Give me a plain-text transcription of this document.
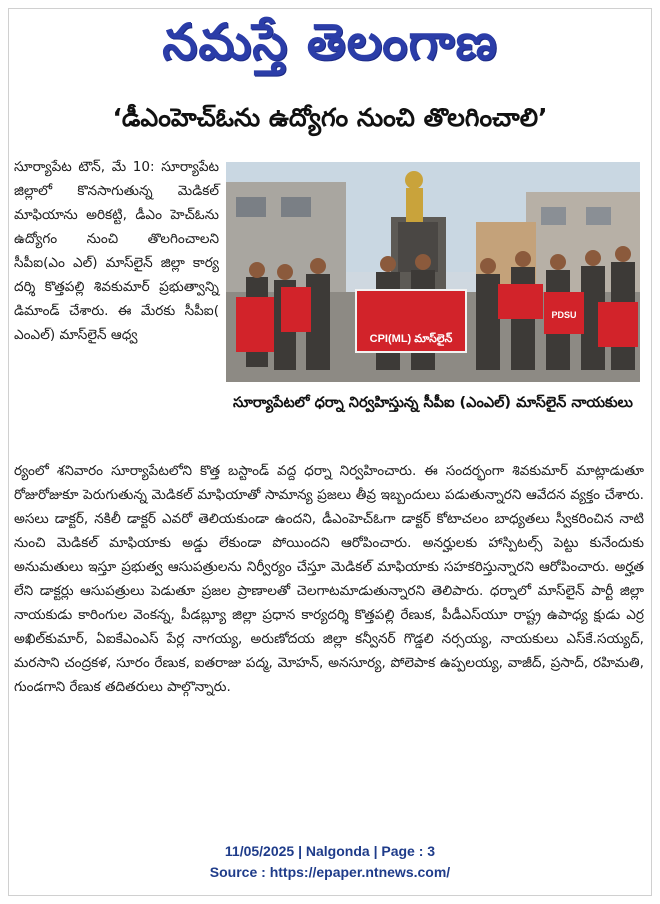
నమస్తే తెలంగాణ
‘డీఎంహెచ్‌ఓను ఉద్యోగం నుంచి తొలగించాలి’

సూర్యాపేట టౌన్, మే 10: సూర్యాపేట జిల్లాలో కొనసాగుతున్న మెడికల్ మాఫియాను అరికట్టి, డీఎం హెచ్‌ఓను ఉద్యోగం నుంచి తొలగించాలని సీపీఐ(ఎం ఎల్) మాస్‌లైన్ జిల్లా కార్య దర్శి కొత్తపల్లి శివకుమార్ ప్రభుత్వాన్ని డిమాండ్ చేశారు. ఈ మేరకు సీపీఐ( ఎంఎల్) మాస్‌లైన్ ఆధ్వ	CPI(ML) మాస్‌లైన్
PDSU
సూర్యాపేటలో ధర్నా నిర్వహిస్తున్న సీపీఐ (ఎంఎల్) మాస్‌లైన్ నాయకులు

ర్యంలో శనివారం సూర్యాపేటలోని కొత్త బస్టాండ్ వద్ద ధర్నా నిర్వహించారు. ఈ సందర్భంగా శివకుమార్ మాట్లాడుతూ రోజురోజుకూ పెరుగుతున్న మెడికల్ మాఫియాతో సామాన్య ప్రజలు తీవ్ర ఇబ్బందులు పడుతున్నారని ఆవేదన వ్యక్తం చేశారు. అసలు డాక్టర్, నకిలీ డాక్టర్ ఎవరో తెలియకుండా ఉందని, డీఎంహెచ్‌ఓగా డాక్టర్ కోటాచలం బాధ్యతలు స్వీకరించిన నాటి నుంచి మెడికల్ మాఫియాకు అడ్డు లేకుండా పోయిందని ఆరోపించారు. అనర్హులకు హాస్పిటల్స్ పెట్టు కునేందుకు అనుమతులు ఇస్తూ ప్రభుత్వ ఆసుపత్రులను నిర్వీర్యం చేస్తూ మెడికల్ మాఫియాకు సహకరిస్తున్నారని ఆరోపించారు. అర్హత లేని డాక్టర్లు ఆసుపత్రులు పెడుతూ ప్రజల ప్రాణాలతో చెలగాటమాడుతున్నారని తెలిపారు. ధర్నాలో మాస్‌లైన్ పార్టీ జిల్లా నాయకుడు కారింగుల వెంకన్న, పీడబ్ల్యూ జిల్లా ప్రధాన కార్యదర్శి కొత్తపల్లి రేణుక, పీడీఎస్‌యూ రాష్ట్ర ఉపాధ్య క్షుడు ఎర్ర అఖిల్‌కుమార్, ఏఐకేఎంఎస్ పేర్ల నాగయ్య, అరుణోదయ జిల్లా కన్వీనర్ గొడ్డలి నర్సయ్య, నాయకులు ఎస్‌కే.సయ్యద్, మరసాని చంద్రకళ, సూరం రేణుక, ఐతరాజు పద్మ, మోహన్, అనసూర్య, పోలెపాక ఉప్పలయ్య, వాజీద్, ప్రసాద్, రహిమతి, గుండగాని రేణుక తదితరులు పాల్గొన్నారు.

11/05/2025 | Nalgonda | Page : 3
Source : https://epaper.ntnews.com/
